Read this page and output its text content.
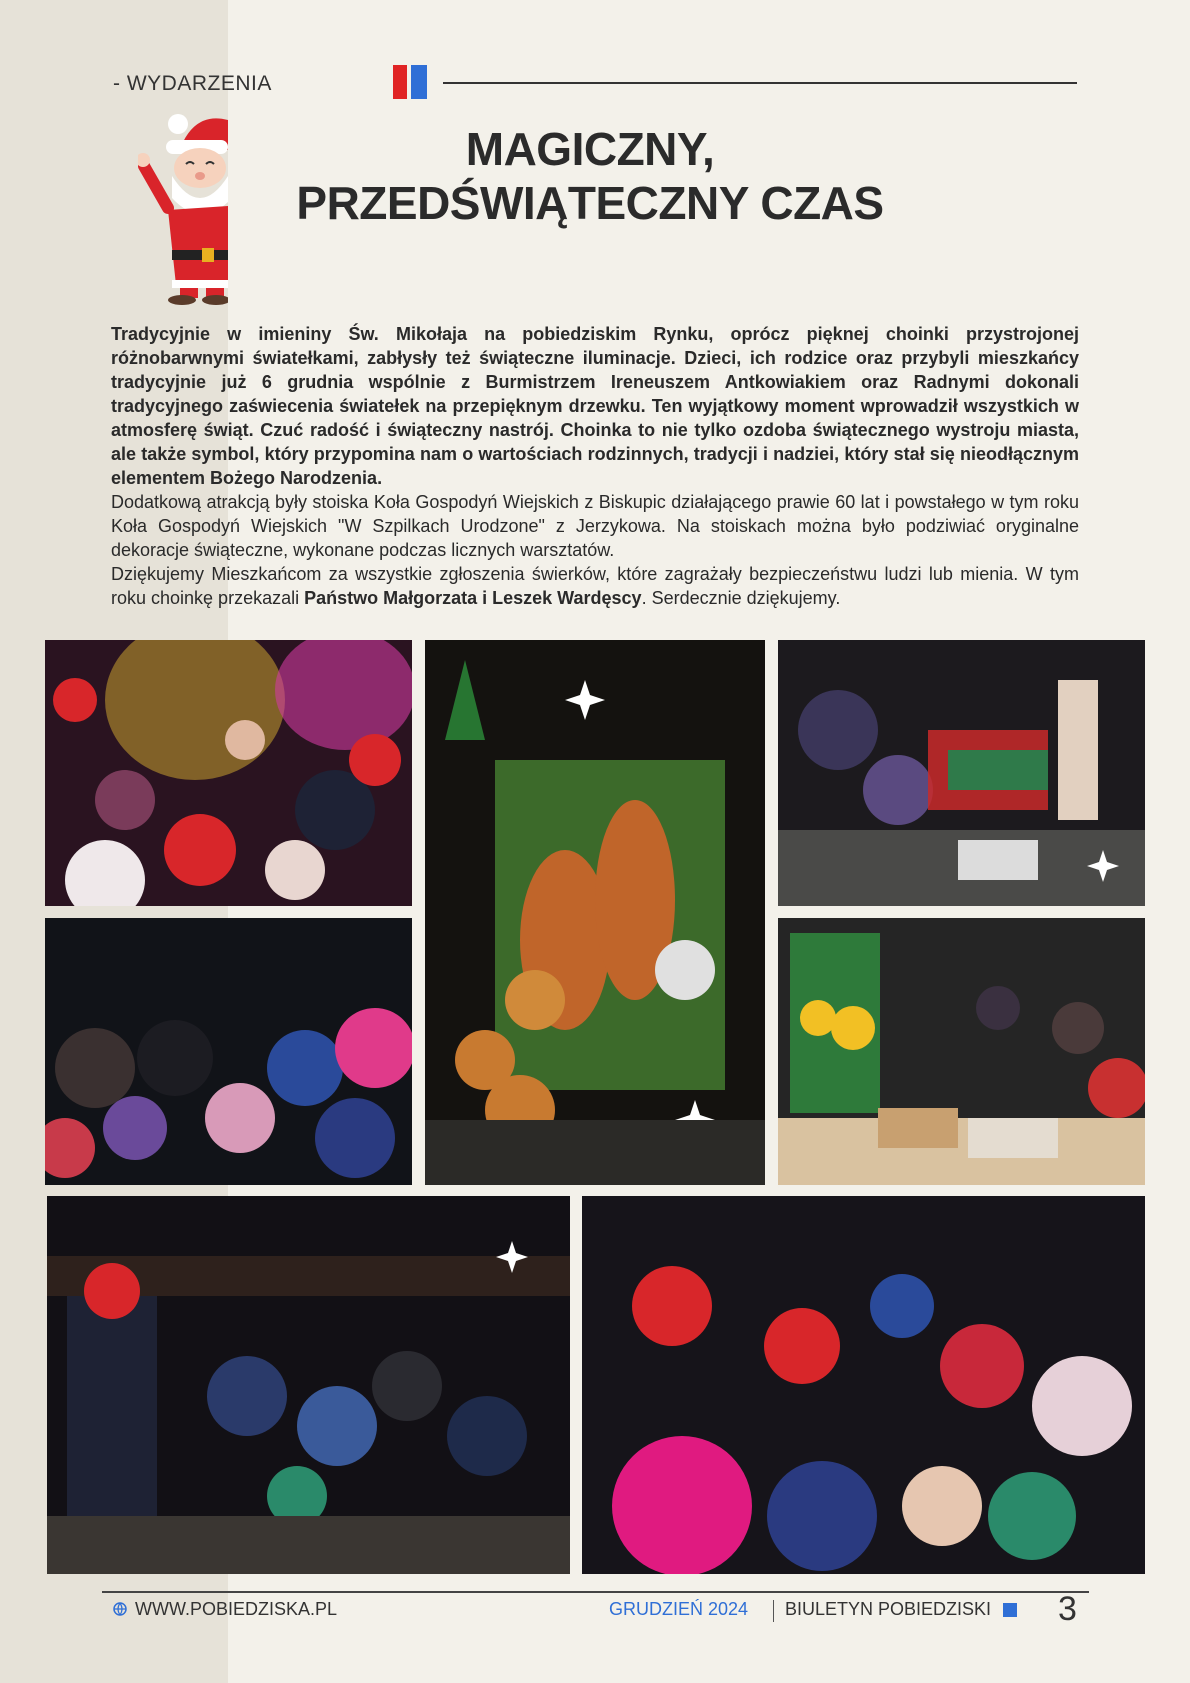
- WYDARZENIA
MAGICZNY,
PRZEDŚWIĄTECZNY CZAS

Tradycyjnie w imieniny Św. Mikołaja na pobiedziskim Rynku, oprócz pięknej choinki przystrojonej różnobarwnymi światełkami, zabłysły też świąteczne iluminacje. Dzieci, ich rodzice oraz przybyli mieszkańcy tradycyjnie już 6 grudnia wspólnie z Burmistrzem Ireneuszem Antkowiakiem oraz Radnymi dokonali tradycyjnego zaświecenia światełek na przepięknym drzewku. Ten wyjątkowy moment wprowadził wszystkich w atmosferę świąt. Czuć radość i świąteczny nastrój. Choinka to nie tylko ozdoba świątecznego wystroju miasta, ale także symbol, który przypomina nam o wartościach rodzinnych, tradycji i nadziei, który stał się nieodłącznym elementem Bożego Narodzenia.

Dodatkową atrakcją były stoiska Koła Gospodyń Wiejskich z Biskupic działającego prawie 60 lat i powstałego w tym roku Koła Gospodyń Wiejskich "W Szpilkach Urodzone" z Jerzykowa. Na stoiskach można było podziwiać oryginalne dekoracje świąteczne, wykonane podczas licznych warsztatów.

Dziękujemy Mieszkańcom za wszystkie zgłoszenia świerków, które zagrażały bezpieczeństwu ludzi lub mienia. W tym roku choinkę przekazali Państwo Małgorzata i Leszek Wardęscy. Serdecznie dziękujemy.

WWW.POBIEDZISKA.PL	GRUDZIEŃ 2024 BIULETYN POBIEDZISKI 3
